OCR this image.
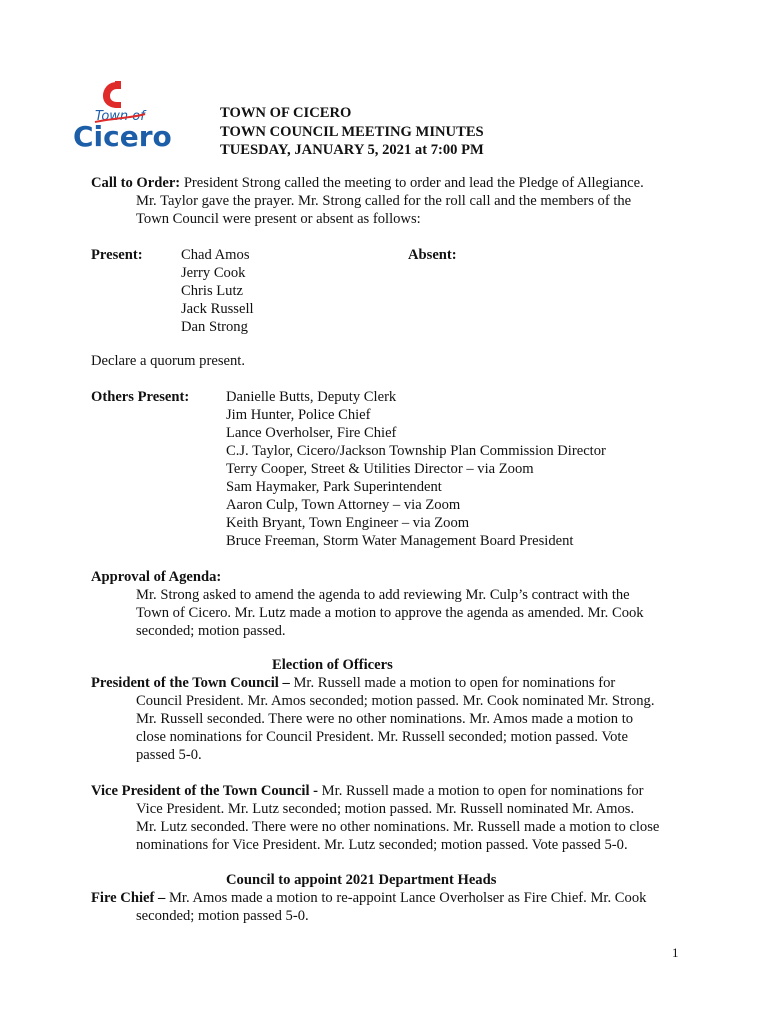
Town of
Cicero
TOWN OF CICERO
TOWN COUNCIL MEETING MINUTES
TUESDAY, JANUARY 5, 2021 at 7:00 PM
Call to Order: President Strong called the meeting to order and lead the Pledge of Allegiance.
Mr. Taylor gave the prayer. Mr. Strong called for the roll call and the members of the
Town Council were present or absent as follows:
Present:	Chad Amos
Jerry Cook
Chris Lutz
Jack Russell
Dan Strong
Absent:
Declare a quorum present.
Others Present:	Danielle Butts, Deputy Clerk
Jim Hunter, Police Chief
Lance Overholser, Fire Chief
C.J. Taylor, Cicero/Jackson Township Plan Commission Director
Terry Cooper, Street & Utilities Director – via Zoom
Sam Haymaker, Park Superintendent
Aaron Culp, Town Attorney – via Zoom
Keith Bryant, Town Engineer – via Zoom
Bruce Freeman, Storm Water Management Board President
Approval of Agenda:
Mr. Strong asked to amend the agenda to add reviewing Mr. Culp’s contract with the
Town of Cicero. Mr. Lutz made a motion to approve the agenda as amended. Mr. Cook
seconded; motion passed.
Election of Officers
President of the Town Council – Mr. Russell made a motion to open for nominations for
Council President. Mr. Amos seconded; motion passed. Mr. Cook nominated Mr. Strong.
Mr. Russell seconded. There were no other nominations. Mr. Amos made a motion to
close nominations for Council President. Mr. Russell seconded; motion passed. Vote
passed 5-0.
Vice President of the Town Council - Mr. Russell made a motion to open for nominations for
Vice President. Mr. Lutz seconded; motion passed. Mr. Russell nominated Mr. Amos.
Mr. Lutz seconded. There were no other nominations. Mr. Russell made a motion to close
nominations for Vice President. Mr. Lutz seconded; motion passed. Vote passed 5-0.
Council to appoint 2021 Department Heads
Fire Chief – Mr. Amos made a motion to re-appoint Lance Overholser as Fire Chief. Mr. Cook
seconded; motion passed 5-0.
1
